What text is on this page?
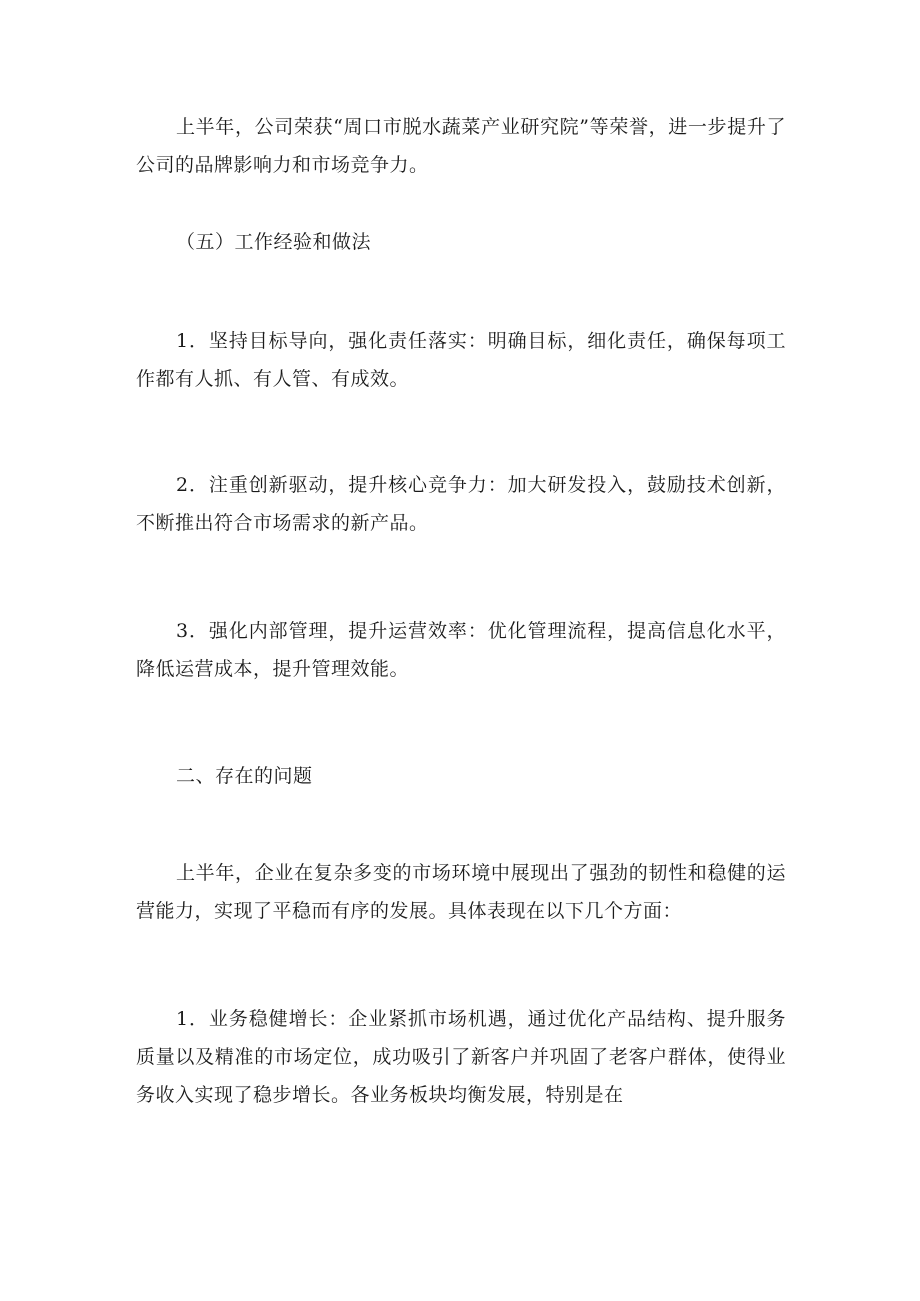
上半年，公司荣获“周口市脱水蔬菜产业研究院”等荣誉，进一步提升了公司的品牌影响力和市场竞争力。

（五）工作经验和做法

1．坚持目标导向，强化责任落实：明确目标，细化责任，确保每项工作都有人抓、有人管、有成效。

2．注重创新驱动，提升核心竞争力：加大研发投入，鼓励技术创新，不断推出符合市场需求的新产品。

3．强化内部管理，提升运营效率：优化管理流程，提高信息化水平，降低运营成本，提升管理效能。

二、存在的问题

上半年，企业在复杂多变的市场环境中展现出了强劲的韧性和稳健的运营能力，实现了平稳而有序的发展。具体表现在以下几个方面：

1．业务稳健增长：企业紧抓市场机遇，通过优化产品结构、提升服务质量以及精准的市场定位，成功吸引了新客户并巩固了老客户群体，使得业务收入实现了稳步增长。各业务板块均衡发展，特别是在
